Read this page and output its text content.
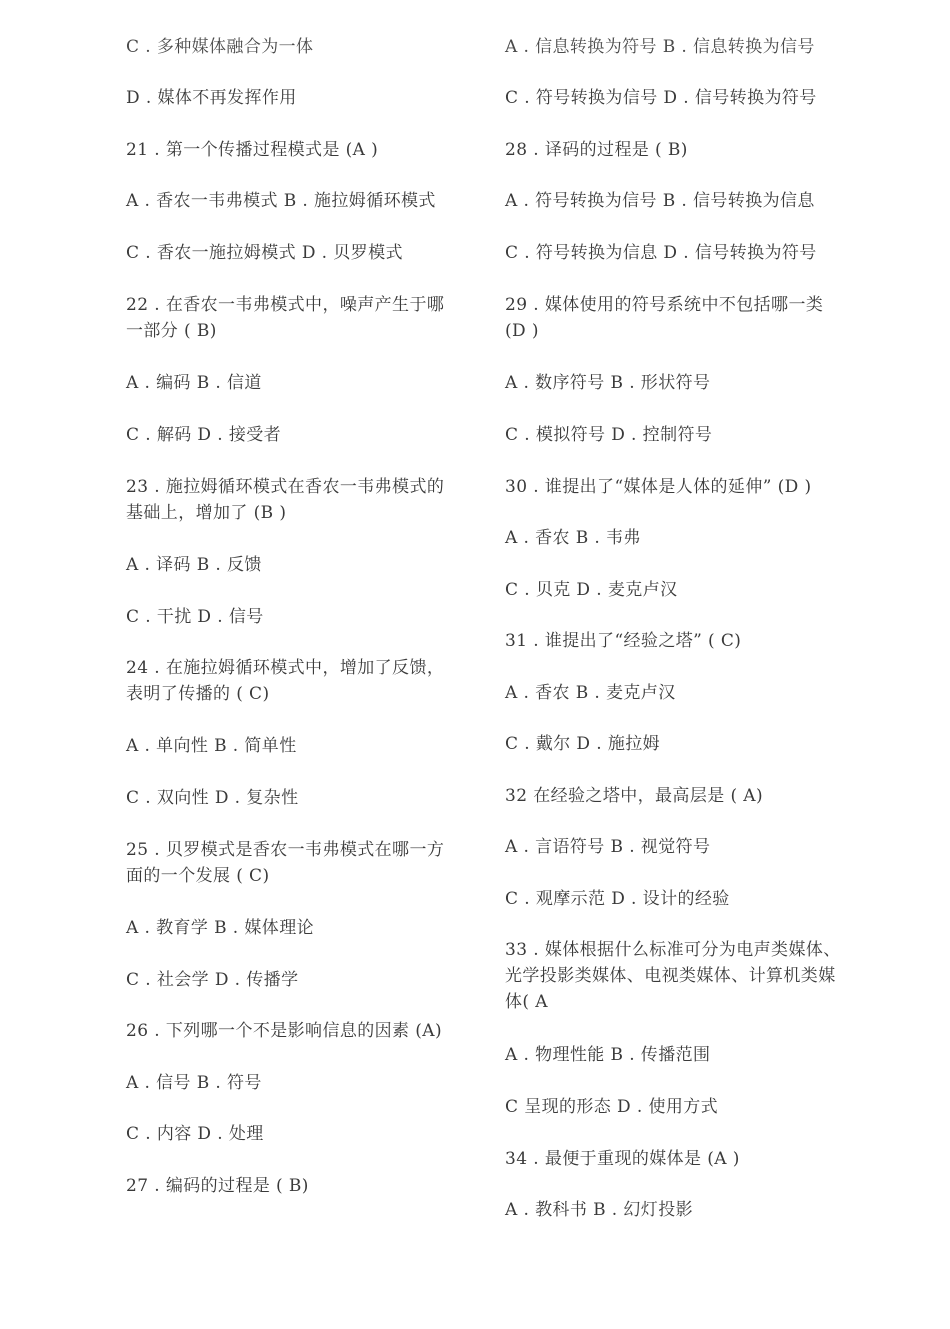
C . 多种媒体融合为一体
D . 媒体不再发挥作用
21 . 第一个传播过程模式是 (A )
A . 香农一韦弗模式 B . 施拉姆循环模式
C . 香农一施拉姆模式 D . 贝罗模式
22 . 在香农一韦弗模式中，噪声产生于哪
一部分 ( B)
A . 编码 B . 信道
C . 解码 D . 接受者
23 . 施拉姆循环模式在香农一韦弗模式的
基础上，增加了 (B )
A . 译码 B . 反馈
C . 干扰 D . 信号
24 . 在施拉姆循环模式中，增加了反馈，
表明了传播的 ( C)
A . 单向性 B . 简单性
C . 双向性 D . 复杂性
25 . 贝罗模式是香农一韦弗模式在哪一方
面的一个发展 ( C)
A . 教育学 B . 媒体理论
C . 社会学 D . 传播学
26 . 下列哪一个不是影响信息的因素 (A)
A . 信号 B . 符号
C . 内容 D . 处理
27 . 编码的过程是 ( B)
A . 信息转换为符号 B . 信息转换为信号
C . 符号转换为信号 D . 信号转换为符号
28 . 译码的过程是 ( B)
A . 符号转换为信号 B . 信号转换为信息
C . 符号转换为信息 D . 信号转换为符号
29 . 媒体使用的符号系统中不包括哪一类
(D )
A . 数序符号 B . 形状符号
C . 模拟符号 D . 控制符号
30 . 谁提出了“媒体是人体的延伸” (D )
A . 香农 B . 韦弗
C . 贝克 D . 麦克卢汉
31 . 谁提出了“经验之塔” ( C)
A . 香农 B . 麦克卢汉
C . 戴尔 D . 施拉姆
32 在经验之塔中，最高层是 ( A)
A . 言语符号 B . 视觉符号
C . 观摩示范 D . 设计的经验
33 . 媒体根据什么标准可分为电声类媒体、
光学投影类媒体、电视类媒体、计算机类媒
体( A
A . 物理性能 B . 传播范围
C 呈现的形态 D . 使用方式
34 . 最便于重现的媒体是 (A )
A . 教科书 B . 幻灯投影
